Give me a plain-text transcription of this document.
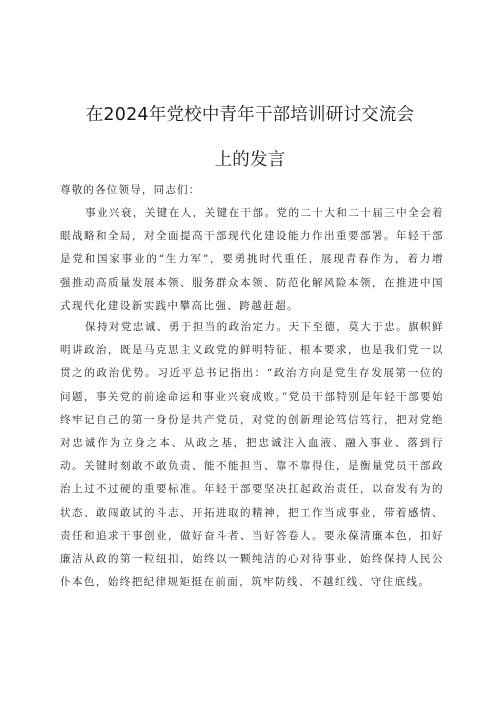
在2024年党校中青年干部培训研讨交流会
上的发言
尊敬的各位领导，同志们：

事业兴衰，关键在人，关键在干部。党的二十大和二十届三中全会着眼战略和全局，对全面提高干部现代化建设能力作出重要部署。年轻干部是党和国家事业的“生力军”，要勇挑时代重任，展现青春作为，着力增强推动高质量发展本领、服务群众本领、防范化解风险本领，在推进中国式现代化建设新实践中攀高比强、跨越赶超。

保持对党忠诚、勇于担当的政治定力。天下至德，莫大于忠。旗帜鲜明讲政治，既是马克思主义政党的鲜明特征、根本要求，也是我们党一以贯之的政治优势。习近平总书记指出：“政治方向是党生存发展第一位的问题，事关党的前途命运和事业兴衰成败。”党员干部特别是年轻干部要始终牢记自己的第一身份是共产党员，对党的创新理论笃信笃行，把对党绝对忠诚作为立身之本、从政之基，把忠诚注入血液、融入事业、落到行动。关键时刻敢不敢负责、能不能担当、靠不靠得住，是衡量党员干部政治上过不过硬的重要标准。年轻干部要坚决扛起政治责任，以奋发有为的状态、敢闯敢试的斗志、开拓进取的精神，把工作当成事业，带着感情、责任和追求干事创业，做好奋斗者、当好答卷人。要永葆清廉本色，扣好廉洁从政的第一粒纽扣，始终以一颗纯洁的心对待事业，始终保持人民公仆本色，始终把纪律规矩挺在前面，筑牢防线、不越红线、守住底线。
